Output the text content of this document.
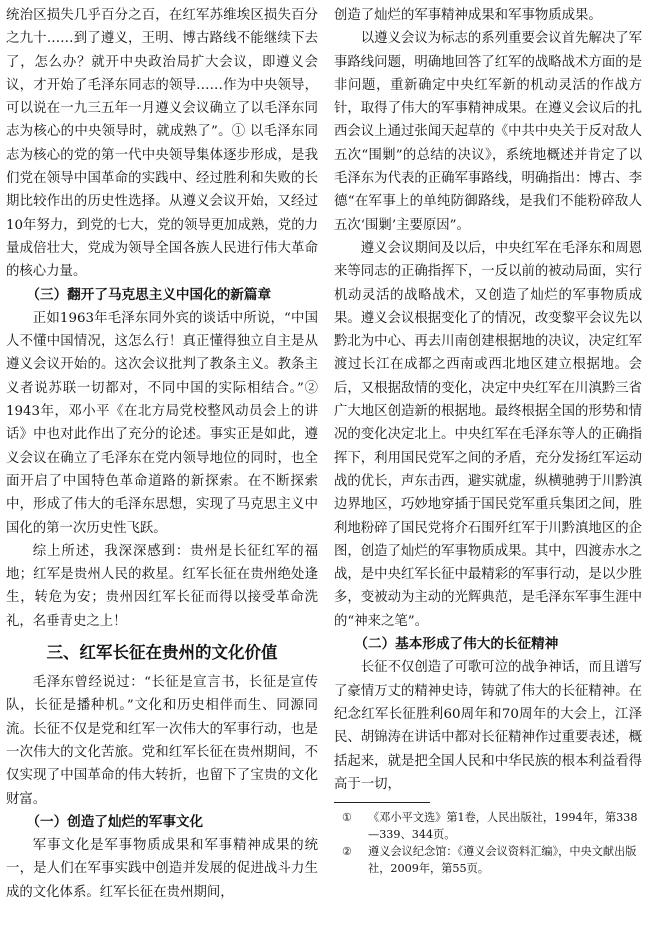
统治区损失几乎百分之百，在红军苏维埃区损失百分之九十……到了遵义，王明、博古路线不能继续下去了，怎么办？就开中央政治局扩大会议，即遵义会议，才开始了毛泽东同志的领导……作为中央领导，可以说在一九三五年一月遵义会议确立了以毛泽东同志为核心的中央领导时，就成熟了”。① 以毛泽东同志为核心的党的第一代中央领导集体逐步形成，是我们党在领导中国革命的实践中、经过胜利和失败的长期比较作出的历史性选择。从遵义会议开始，又经过10年努力，到党的七大，党的领导更加成熟，党的力量成倍壮大，党成为领导全国各族人民进行伟大革命的核心力量。

（三）翻开了马克思主义中国化的新篇章

正如1963年毛泽东同外宾的谈话中所说，“中国人不懂中国情况，这怎么行！真正懂得独立自主是从遵义会议开始的。这次会议批判了教条主义。教条主义者说苏联一切都对，不同中国的实际相结合。”② 1943年，邓小平《在北方局党校整风动员会上的讲话》中也对此作出了充分的论述。事实正是如此，遵义会议在确立了毛泽东在党内领导地位的同时，也全面开启了中国特色革命道路的新探索。在不断探索中，形成了伟大的毛泽东思想，实现了马克思主义中国化的第一次历史性飞跃。

综上所述，我深深感到：贵州是长征红军的福地；红军是贵州人民的救星。红军长征在贵州绝处逢生，转危为安；贵州因红军长征而得以接受革命洗礼，名垂青史之上！

三、红军长征在贵州的文化价值

毛泽东曾经说过：“长征是宣言书，长征是宣传队，长征是播种机。”文化和历史相伴而生、同源同流。长征不仅是党和红军一次伟大的军事行动，也是一次伟大的文化苦旅。党和红军长征在贵州期间，不仅实现了中国革命的伟大转折，也留下了宝贵的文化财富。

（一）创造了灿烂的军事文化

军事文化是军事物质成果和军事精神成果的统一，是人们在军事实践中创造并发展的促进战斗力生成的文化体系。红军长征在贵州期间，

创造了灿烂的军事精神成果和军事物质成果。

以遵义会议为标志的系列重要会议首先解决了军事路线问题，明确地回答了红军的战略战术方面的是非问题，重新确定中央红军新的机动灵活的作战方针，取得了伟大的军事精神成果。在遵义会议后的扎西会议上通过张闻天起草的《中共中央关于反对敌人五次“围剿”的总结的决议》，系统地概述并肯定了以毛泽东为代表的正确军事路线，明确指出：博古、李德“在军事上的单纯防御路线，是我们不能粉碎敌人五次‘围剿’主要原因”。

遵义会议期间及以后，中央红军在毛泽东和周恩来等同志的正确指挥下，一反以前的被动局面，实行机动灵活的战略战术，又创造了灿烂的军事物质成果。遵义会议根据变化了的情况，改变黎平会议先以黔北为中心、再去川南创建根据地的决议，决定红军渡过长江在成都之西南或西北地区建立根据地。会后，又根据敌情的变化，决定中央红军在川滇黔三省广大地区创造新的根据地。最终根据全国的形势和情况的变化决定北上。中央红军在毛泽东等人的正确指挥下，利用国民党军之间的矛盾，充分发扬红军运动战的优长，声东击西，避实就虚，纵横驰骋于川黔滇边界地区，巧妙地穿插于国民党军重兵集团之间，胜利地粉碎了国民党将介石围歼红军于川黔滇地区的企图，创造了灿烂的军事物质成果。其中，四渡赤水之战，是中央红军长征中最精彩的军事行动，是以少胜多，变被动为主动的光辉典范，是毛泽东军事生涯中的“神来之笔”。

（二）基本形成了伟大的长征精神

长征不仅创造了可歌可泣的战争神话，而且谱写了豪情万丈的精神史诗，铸就了伟大的长征精神。在纪念红军长征胜利60周年和70周年的大会上，江泽民、胡锦涛在讲话中都对长征精神作过重要表述，概括起来，就是把全国人民和中华民族的根本利益看得高于一切，

① 《邓小平文选》第1卷，人民出版社，1994年，第338—339、344页。

② 遵义会议纪念馆：《遵义会议资料汇编》，中央文献出版社，2009年，第55页。
